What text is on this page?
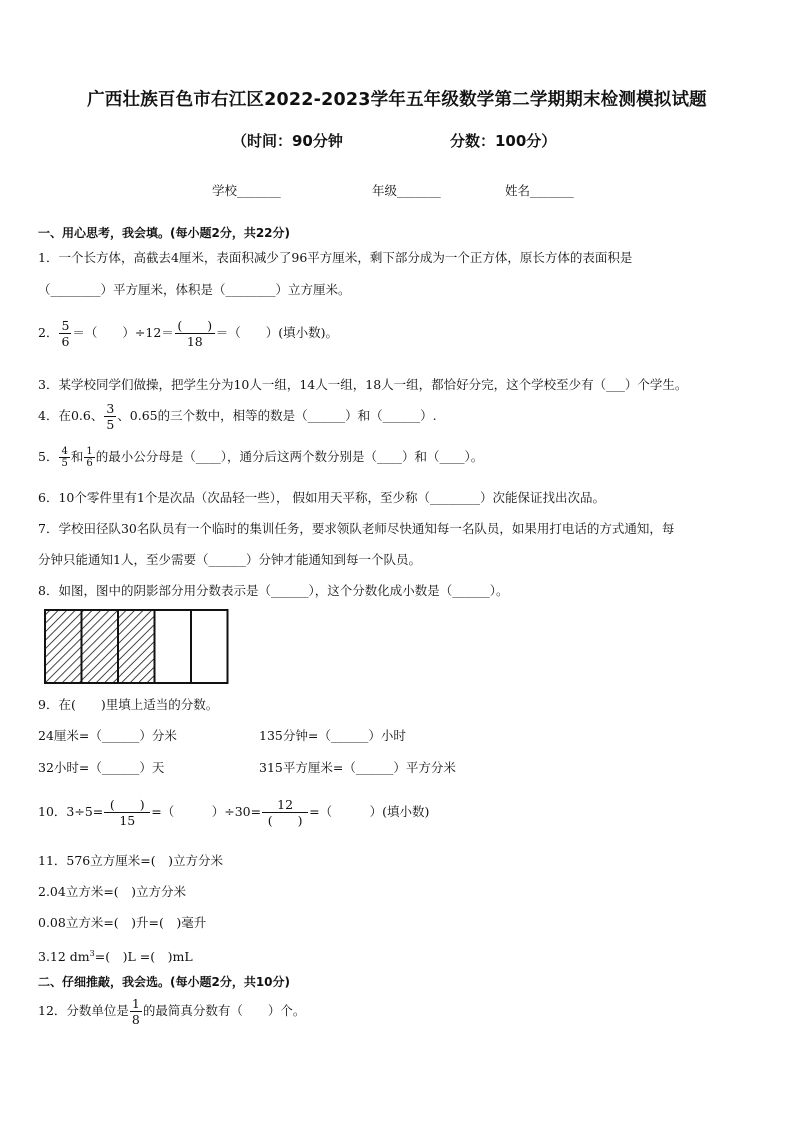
广西壮族百色市右江区2022-2023学年五年级数学第二学期期末检测模拟试题
（时间：90分钟	分数：100分）
学校_______	年级_______	姓名_______
一、用心思考，我会填。(每小题2分，共22分)
1．一个长方体，高截去4厘米，表面积减少了96平方厘米，剩下部分成为一个正方体，原长方体的表面积是
（________）平方厘米，体积是（________）立方厘米。
2． $\frac{5}{6}$ ＝（　　）$\div 12= \frac{( )}{18}$ ＝（　　）(填小数)。
3．某学校同学们做操，把学生分为10人一组，14人一组，18人一组，都恰好分完，这个学校至少有（___）个学生。
4．在0.6、 $\frac{3}{5}$ 、0.65的三个数中，相等的数是（______）和（______）.
5． $\frac{4}{5}$ 和 $\frac{1}{6}$ 的最小公分母是（____），通分后这两个数分别是（____）和（____）。
6．10个零件里有1个是次品（次品轻一些）， 假如用天平称，至少称（________）次能保证找出次品。
7．学校田径队30名队员有一个临时的集训任务，要求领队老师尽快通知每一名队员，如果用打电话的方式通知，每
分钟只能通知1人，至少需要（______）分钟才能通知到每一个队员。
8．如图，图中的阴影部分用分数表示是（______），这个分数化成小数是（______）。
9．在(　　)里填上适当的分数。
24厘米=（______）分米	135分钟=（______）小时
32小时=（______）天	315平方厘米=（______）平方分米
10．$3\div 5= \frac{( )}{15}$ =（　　　）$\div 30= \frac{12}{( )}$ =（　　　）(填小数)
11．576立方厘米=(　)立方分米
2.04立方米=(　)立方分米
0.08立方米=(　)升=(　)毫升
3.12 $dm^3=$(　)L =(　)mL
二、仔细推敲，我会选。(每小题2分，共10分)
12．分数单位是 $\frac{1}{8}$ 的最简真分数有（　　）个。
